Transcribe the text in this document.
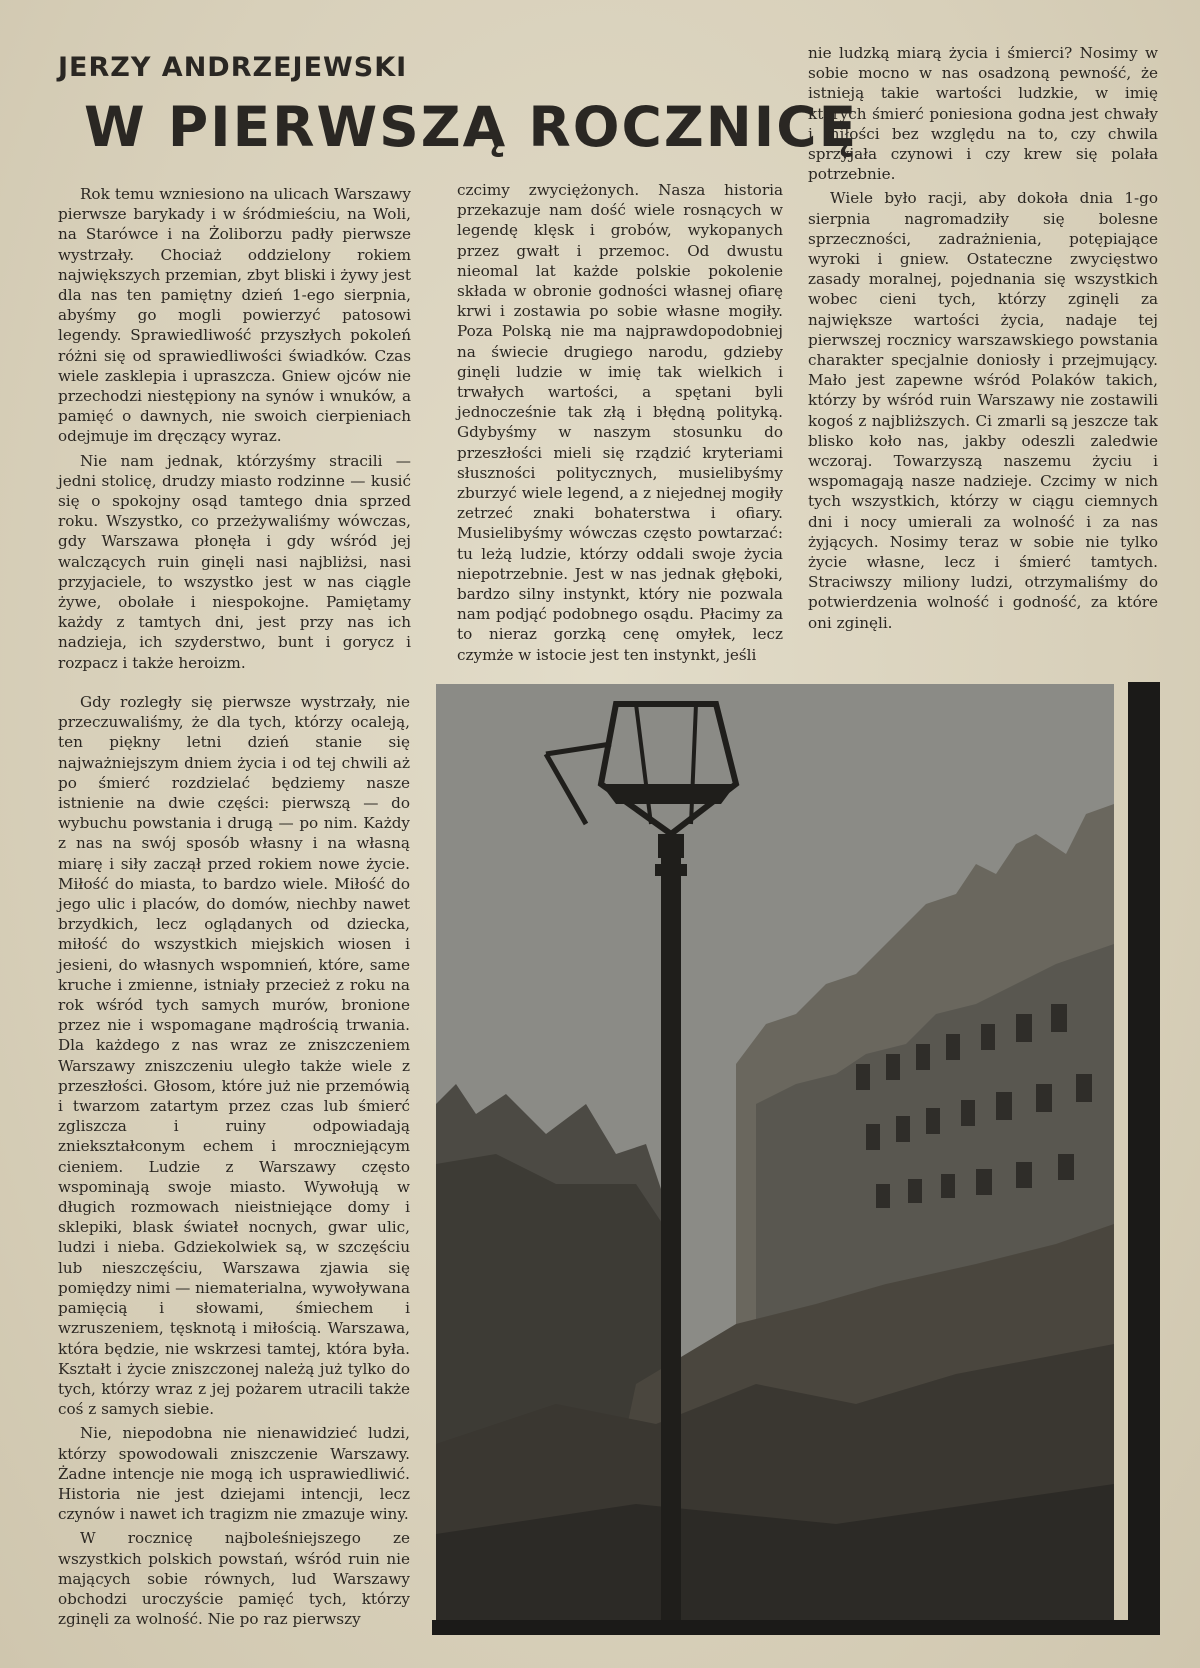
JERZY ANDRZEJEWSKI
W PIERWSZĄ ROCZNICĘ

Rok temu wzniesiono na ulicach Warszawy pierwsze barykady i w śródmieściu, na Woli, na Starówce i na Żoliborzu padły pierwsze wystrzały. Chociaż oddzielony rokiem największych przemian, zbyt bliski i żywy jest dla nas ten pamiętny dzień 1-ego sierpnia, abyśmy go mogli powierzyć patosowi legendy. Sprawiedliwość przyszłych pokoleń różni się od sprawiedliwości świadków. Czas wiele zasklepia i upraszcza. Gniew ojców nie przechodzi niestępiony na synów i wnuków, a pamięć o dawnych, nie swoich cierpieniach odejmuje im dręczący wyraz.

Nie nam jednak, którzyśmy stracili — jedni stolicę, drudzy miasto rodzinne — kusić się o spokojny osąd tamtego dnia sprzed roku. Wszystko, co przeżywaliśmy wówczas, gdy Warszawa płonęła i gdy wśród jej walczących ruin ginęli nasi najbliżsi, nasi przyjaciele, to wszystko jest w nas ciągle żywe, obolałe i niespokojne. Pamiętamy każdy z tamtych dni, jest przy nas ich nadzieja, ich szyderstwo, bunt i gorycz i rozpacz i także heroizm.

Gdy rozległy się pierwsze wystrzały, nie przeczuwaliśmy, że dla tych, którzy ocaleją, ten piękny letni dzień stanie się najważniejszym dniem życia i od tej chwili aż po śmierć rozdzielać będziemy nasze istnienie na dwie części: pierwszą — do wybuchu powstania i drugą — po nim. Każdy z nas na swój sposób własny i na własną miarę i siły zaczął przed rokiem nowe życie. Miłość do miasta, to bardzo wiele. Miłość do jego ulic i placów, do domów, niechby nawet brzydkich, lecz oglądanych od dziecka, miłość do wszystkich miejskich wiosen i jesieni, do własnych wspomnień, które, same kruche i zmienne, istniały przecież z roku na rok wśród tych samych murów, bronione przez nie i wspomagane mądrością trwania. Dla każdego z nas wraz ze zniszczeniem Warszawy zniszczeniu uległo także wiele z przeszłości. Głosom, które już nie przemówią i twarzom zatartym przez czas lub śmierć zgliszcza i ruiny odpowiadają zniekształconym echem i mroczniejącym cieniem. Ludzie z Warszawy często wspominają swoje miasto. Wywołują w długich rozmowach nieistniejące domy i sklepiki, blask świateł nocnych, gwar ulic, ludzi i nieba. Gdziekolwiek są, w szczęściu lub nieszczęściu, Warszawa zjawia się pomiędzy nimi — niematerialna, wywoływana pamięcią i słowami, śmiechem i wzruszeniem, tęsknotą i miłością. Warszawa, która będzie, nie wskrzesi tamtej, która była. Kształt i życie zniszczonej należą już tylko do tych, którzy wraz z jej pożarem utracili także coś z samych siebie.

Nie, niepodobna nie nienawidzieć ludzi, którzy spowodowali zniszczenie Warszawy. Żadne intencje nie mogą ich usprawiedliwić. Historia nie jest dziejami intencji, lecz czynów i nawet ich tragizm nie zmazuje winy.

W rocznicę najboleśniejszego ze wszystkich polskich powstań, wśród ruin nie mających sobie równych, lud Warszawy obchodzi uroczyście pamięć tych, którzy zginęli za wolność. Nie po raz pierwszy

czcimy zwyciężonych. Nasza historia przekazuje nam dość wiele rosnących w legendę klęsk i grobów, wykopanych przez gwałt i przemoc. Od dwustu nieomal lat każde polskie pokolenie składa w obronie godności własnej ofiarę krwi i zostawia po sobie własne mogiły. Poza Polską nie ma najprawdopodobniej na świecie drugiego narodu, gdzieby ginęli ludzie w imię tak wielkich i trwałych wartości, a spętani byli jednocześnie tak złą i błędną polityką. Gdybyśmy w naszym stosunku do przeszłości mieli się rządzić kryteriami słuszności politycznych, musielibyśmy zburzyć wiele legend, a z niejednej mogiły zetrzeć znaki bohaterstwa i ofiary. Musielibyśmy wówczas często powtarzać: tu leżą ludzie, którzy oddali swoje życia niepotrzebnie. Jest w nas jednak głęboki, bardzo silny instynkt, który nie pozwala nam podjąć podobnego osądu. Płacimy za to nieraz gorzką cenę omyłek, lecz czymże w istocie jest ten instynkt, jeśli

nie ludzką miarą życia i śmierci? Nosimy w sobie mocno w nas osadzoną pewność, że istnieją takie wartości ludzkie, w imię których śmierć poniesiona godna jest chwały i miłości bez względu na to, czy chwila sprzyjała czynowi i czy krew się polała potrzebnie.

Wiele było racji, aby dokoła dnia 1-go sierpnia nagromadziły się bolesne sprzeczności, zadrażnienia, potępiające wyroki i gniew. Ostateczne zwycięstwo zasady moralnej, pojednania się wszystkich wobec cieni tych, którzy zginęli za największe wartości życia, nadaje tej pierwszej rocznicy warszawskiego powstania charakter specjalnie doniosły i przejmujący. Mało jest zapewne wśród Polaków takich, którzy by wśród ruin Warszawy nie zostawili kogoś z najbliższych. Ci zmarli są jeszcze tak blisko koło nas, jakby odeszli zaledwie wczoraj. Towarzyszą naszemu życiu i wspomagają nasze nadzieje. Czcimy w nich tych wszystkich, którzy w ciągu ciemnych dni i nocy umierali za wolność i za nas żyjących. Nosimy teraz w sobie nie tylko życie własne, lecz i śmierć tamtych. Straciwszy miliony ludzi, otrzymaliśmy do potwierdzenia wolność i godność, za które oni zginęli.
